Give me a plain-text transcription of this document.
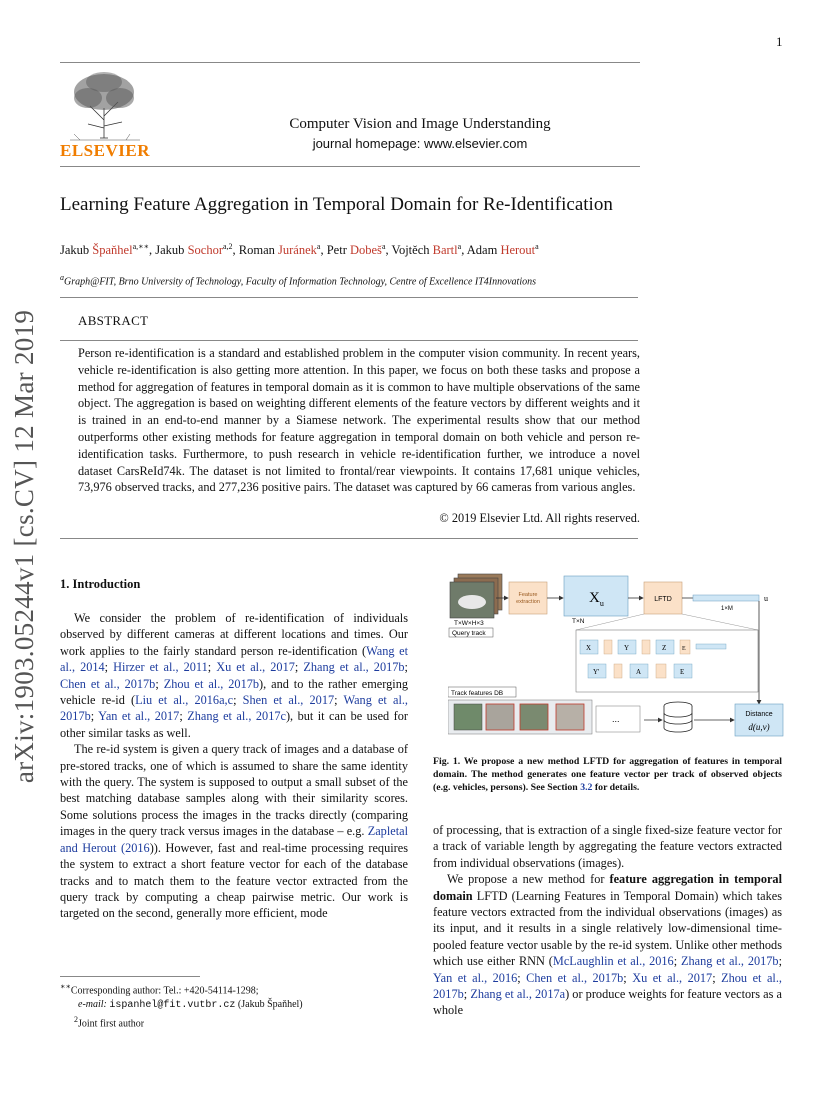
1
arXiv:1903.05244v1 [cs.CV] 12 Mar 2019
ELSEVIER
Computer Vision and Image Understanding
journal homepage: www.elsevier.com
Learning Feature Aggregation in Temporal Domain for Re-Identification
Jakub Špaňhel$^{a,∗∗}$, Jakub Sochor$^{a,2}$, Roman Juránek$^a$, Petr Dobeš$^a$, Vojtěch Bartl$^a$, Adam Herout$^a$
$^a$Graph@FIT, Brno University of Technology, Faculty of Information Technology, Centre of Excellence IT4Innovations
ABSTRACT
Person re-identification is a standard and established problem in the computer vision community. In recent years, vehicle re-identification is also getting more attention. In this paper, we focus on both these tasks and propose a method for aggregation of features in temporal domain as it is common to have multiple observations of the same object. The aggregation is based on weighting different elements of the feature vectors by different weights and it is trained in an end-to-end manner by a Siamese network. The experimental results show that our method outperforms other existing methods for feature aggregation in temporal domain on both vehicle and person re-identification tasks. Furthermore, to push research in vehicle re-identification further, we introduce a novel dataset CarsReId74k. The dataset is not limited to frontal/rear viewpoints. It contains 17,681 unique vehicles, 73,976 observed tracks, and 277,236 positive pairs. The dataset was captured by 66 cameras from various angles.
© 2019 Elsevier Ltd. All rights reserved.
1. Introduction

We consider the problem of re-identification of individuals observed by different cameras at different locations and times. Our work applies to the fairly standard person re-identification (Wang et al., 2014; Hirzer et al., 2011; Xu et al., 2017; Zhang et al., 2017b; Chen et al., 2017b; Zhou et al., 2017b), and to the rather emerging vehicle re-id (Liu et al., 2016a,c; Shen et al., 2017; Wang et al., 2017b; Yan et al., 2017; Zhang et al., 2017c), but it can be used for other similar tasks as well.

The re-id system is given a query track of images and a database of pre-stored tracks, one of which is assumed to share the same identity with the query. The system is supposed to output a small subset of the best matching database samples along with their similarity scores. Some solutions process the images in the tracks directly (comparing images in the query track versus images in the database – e.g. Zapletal and Herout (2016)). However, fast and real-time processing requires the system to extract a short feature vector for each of the database tracks and to match them to the feature vector extracted from the query track by computing a cheap pairwise metric. Our work is targeted on the second, generally more efficient, mode

T×W×H×3
Query track
Feature
extraction	$X_u$
T×N
LFTD	u
1×M
X	Y	Z	E
Y'	A	E
Track features DB
...	Distance
d(u,v)
Fig. 1. We propose a new method LFTD for aggregation of features in temporal domain. The method generates one feature vector per track of observed objects (e.g. vehicles, persons). See Section 3.2 for details.

of processing, that is extraction of a single fixed-size feature vector for a track of variable length by aggregating the feature vectors extracted from individual observations (images).

We propose a new method for feature aggregation in temporal domain LFTD (Learning Features in Temporal Domain) which takes feature vectors extracted from the individual observations (images) as its input, and it results in a single relatively low-dimensional time-pooled feature vector usable by the re-id system. Unlike other methods which use either RNN (McLaughlin et al., 2016; Zhang et al., 2017b; Yan et al., 2016; Chen et al., 2017b; Xu et al., 2017; Zhou et al., 2017b; Zhang et al., 2017a) or produce weights for feature vectors as a whole

∗∗Corresponding author: Tel.: +420-54114-1298;
e-mail: ispanhel@fit.vutbr.cz (Jakub Špaňhel)
$^2$Joint first author
